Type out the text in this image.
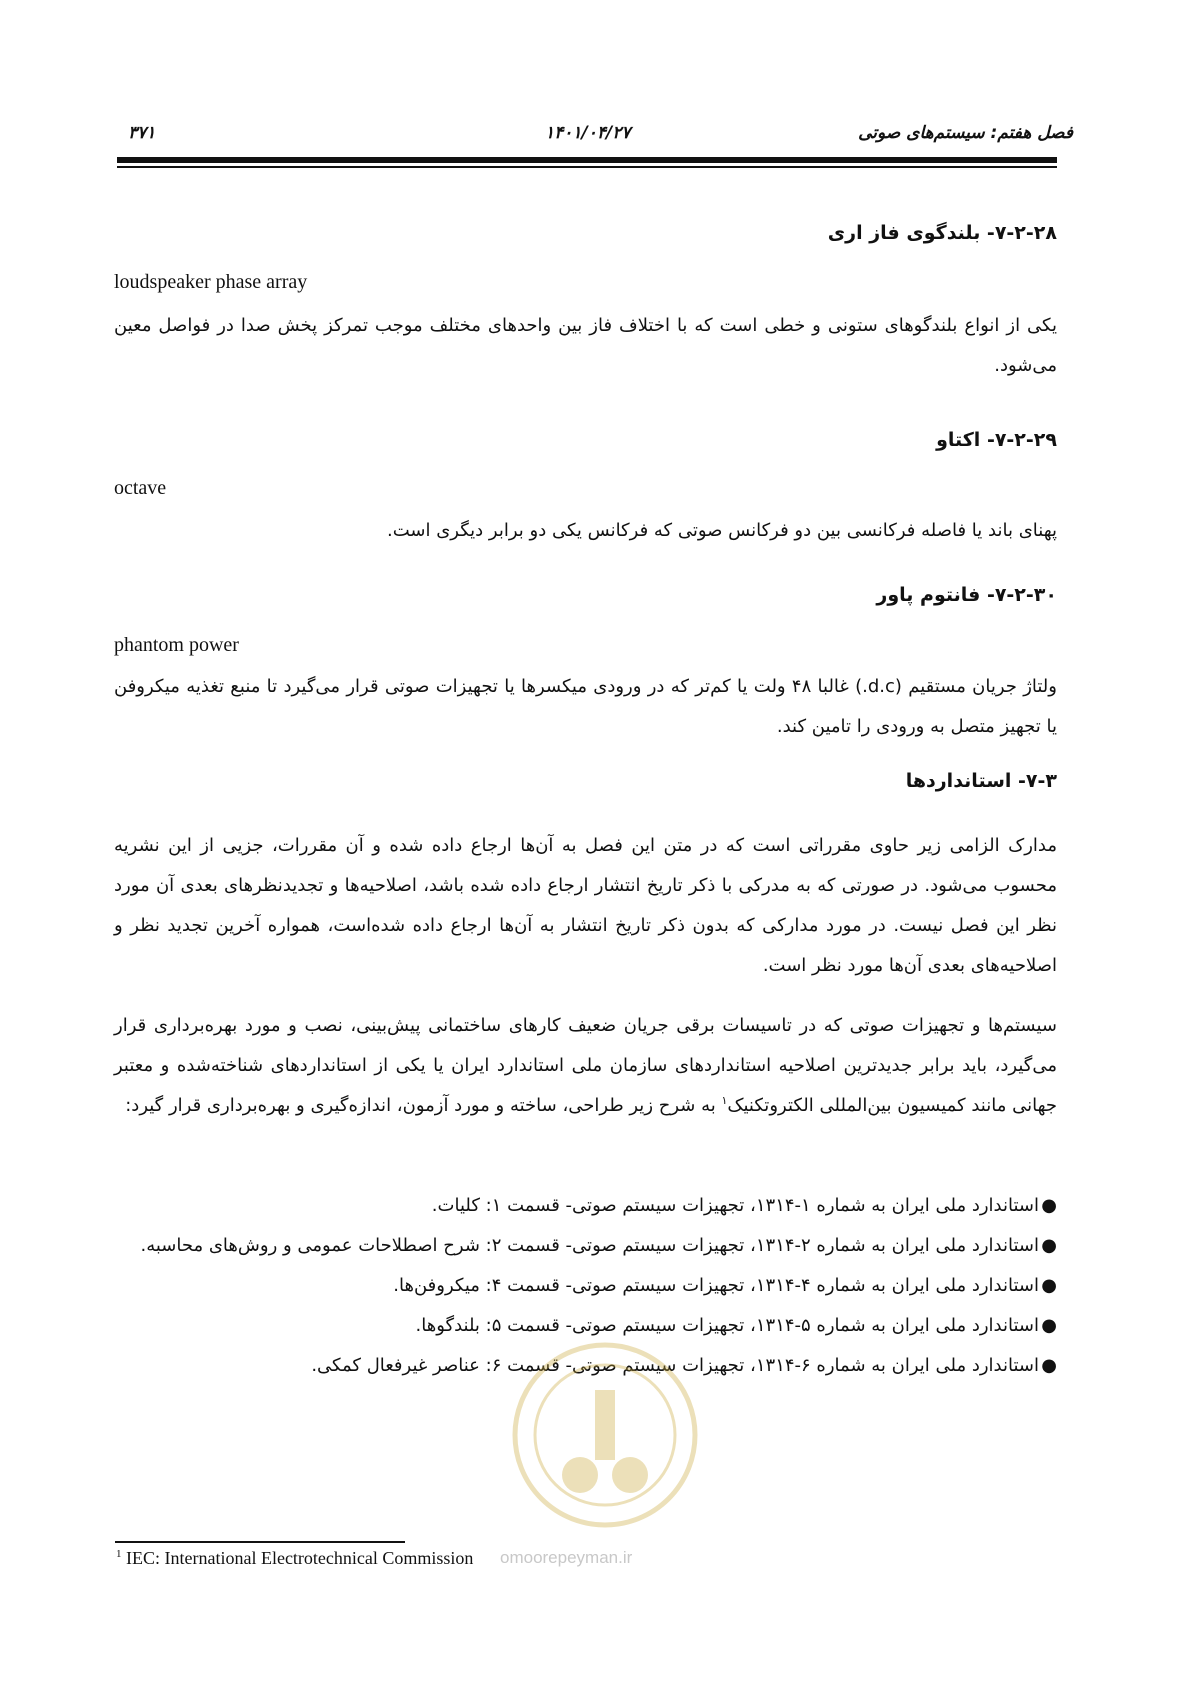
فصل هفتم: سیستم‌های صوتی
۱۴۰۱/۰۴/۲۷
۳۷۱
۷-۲-۲۸- بلندگوی فاز اری
loudspeaker phase array
یکی از انواع بلندگوهای ستونی و خطی است که با اختلاف فاز بین واحدهای مختلف موجب تمرکز پخش صدا در فواصل معین می‌شود.
۷-۲-۲۹- اکتاو
octave
پهنای باند یا فاصله فرکانسی بین دو فرکانس صوتی که فرکانس یکی دو برابر دیگری است.
۷-۲-۳۰- فانتوم پاور
phantom power
ولتاژ جریان مستقیم (d.c.) غالبا ۴۸ ولت یا کم‌تر که در ورودی میکسرها یا تجهیزات صوتی قرار می‌گیرد تا منبع تغذیه میکروفن یا تجهیز متصل به ورودی را تامین کند.
۷-۳- استانداردها
مدارک الزامی زیر حاوی مقرراتی است که در متن این فصل به آن‌ها ارجاع داده شده و آن مقررات، جزیی از این نشریه محسوب می‌شود. در صورتی که به مدرکی با ذکر تاریخ انتشار ارجاع داده شده باشد، اصلاحیه‌ها و تجدیدنظرهای بعدی آن مورد نظر این فصل نیست. در مورد مدارکی که بدون ذکر تاریخ انتشار به آن‌ها ارجاع داده شده‌است، همواره آخرین تجدید نظر و اصلاحیه‌های بعدی آن‌ها مورد نظر است.
سیستم‌ها و تجهیزات صوتی که در تاسیسات برقی جریان ضعیف کارهای ساختمانی پیش‌بینی، نصب و مورد بهره‌برداری قرار می‌گیرد، باید برابر جدیدترین اصلاحیه استانداردهای سازمان ملی استاندارد ایران یا یکی از استانداردهای شناخته‌شده و معتبر جهانی مانند کمیسیون بین‌المللی الکتروتکنیک$^۱$ به شرح زیر طراحی، ساخته و مورد آزمون، اندازه‌گیری و بهره‌برداری قرار گیرد:
●
استاندارد ملی ایران به شماره ۱-۱۳۱۴، تجهیزات سیستم صوتی- قسمت ۱: کلیات.
●
استاندارد ملی ایران به شماره ۲-۱۳۱۴، تجهیزات سیستم صوتی- قسمت ۲: شرح اصطلاحات عمومی و روش‌های محاسبه.
●
استاندارد ملی ایران به شماره ۴-۱۳۱۴، تجهیزات سیستم صوتی- قسمت ۴: میکروفن‌ها.
●
استاندارد ملی ایران به شماره ۵-۱۳۱۴، تجهیزات سیستم صوتی- قسمت ۵: بلندگوها.
●
استاندارد ملی ایران به شماره ۶-۱۳۱۴، تجهیزات سیستم صوتی- قسمت ۶: عناصر غیرفعال کمکی.
omoorepeyman.ir
$^1$ IEC: International Electrotechnical Commission
